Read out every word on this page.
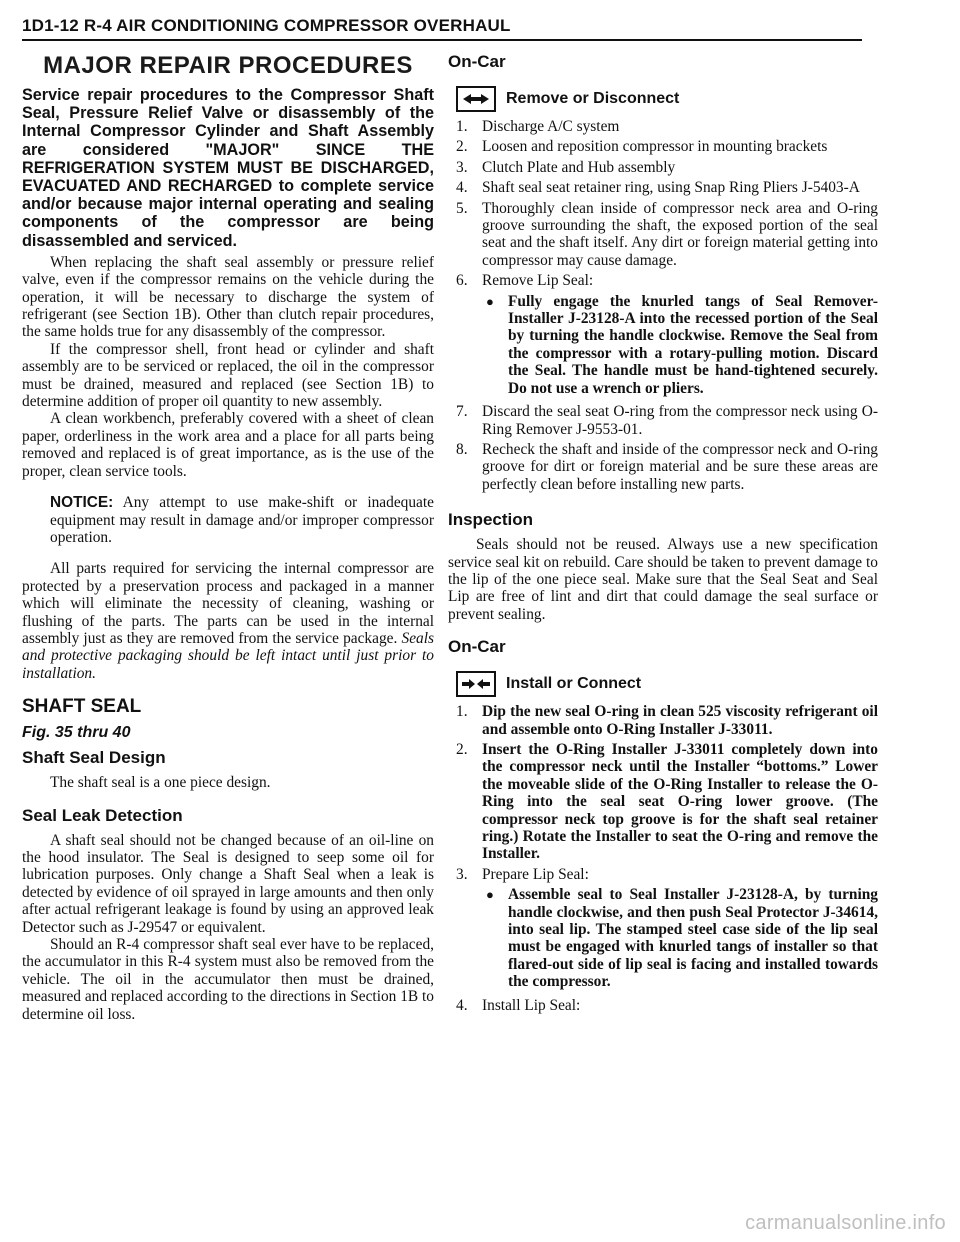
1D1-12 R-4 AIR CONDITIONING COMPRESSOR OVERHAUL
MAJOR REPAIR PROCEDURES
Service repair procedures to the Compressor Shaft Seal, Pressure Relief Valve or disassembly of the Internal Compressor Cylinder and Shaft Assembly are considered "MAJOR" SINCE THE REFRIGERATION SYSTEM MUST BE DISCHARGED, EVACUATED AND RECHARGED to complete service and/or because major internal operating and sealing components of the compressor are being disassembled and serviced.

When replacing the shaft seal assembly or pressure relief valve, even if the compressor remains on the vehicle during the operation, it will be necessary to discharge the system of refrigerant (see Section 1B). Other than clutch repair procedures, the same holds true for any disassembly of the compressor.

If the compressor shell, front head or cylinder and shaft assembly are to be serviced or replaced, the oil in the compressor must be drained, measured and replaced (see Section 1B) to determine addition of proper oil quantity to new assembly.

A clean workbench, preferably covered with a sheet of clean paper, orderliness in the work area and a place for all parts being removed and replaced is of great importance, as is the use of the proper, clean service tools.

NOTICE: Any attempt to use make-shift or inadequate equipment may result in damage and/or improper compressor operation.

All parts required for servicing the internal compressor are protected by a preservation process and packaged in a manner which will eliminate the necessity of cleaning, washing or flushing of the parts. The parts can be used in the internal assembly just as they are removed from the service package. Seals and protective packaging should be left intact until just prior to installation.

SHAFT SEAL
Fig. 35 thru 40
Shaft Seal Design

The shaft seal is a one piece design.

Seal Leak Detection

A shaft seal should not be changed because of an oil-line on the hood insulator. The Seal is designed to seep some oil for lubrication purposes. Only change a Shaft Seal when a leak is detected by evidence of oil sprayed in large amounts and then only after actual refrigerant leakage is found by using an approved leak Detector such as J-29547 or equivalent.

Should an R-4 compressor shaft seal ever have to be replaced, the accumulator in this R-4 system must also be removed from the vehicle. The oil in the accumulator then must be drained, measured and replaced according to the directions in Section 1B to determine oil loss.

On-Car
Remove or Disconnect
1. Discharge A/C system
2. Loosen and reposition compressor in mounting brackets
3. Clutch Plate and Hub assembly
4. Shaft seal seat retainer ring, using Snap Ring Pliers J-5403-A
5. Thoroughly clean inside of compressor neck area and O-ring groove surrounding the shaft, the exposed portion of the seal seat and the shaft itself. Any dirt or foreign material getting into compressor may cause damage.
6. Remove Lip Seal:
● Fully engage the knurled tangs of Seal Remover-Installer J-23128-A into the recessed portion of the Seal by turning the handle clockwise. Remove the Seal from the compressor with a rotary-pulling motion. Discard the Seal. The handle must be hand-tightened securely. Do not use a wrench or pliers.
7. Discard the seal seat O-ring from the compressor neck using O-Ring Remover J-9553-01.
8. Recheck the shaft and inside of the compressor neck and O-ring groove for dirt or foreign material and be sure these areas are perfectly clean before installing new parts.
Inspection

Seals should not be reused. Always use a new specification service seal kit on rebuild. Care should be taken to prevent damage to the lip of the one piece seal. Make sure that the Seal Seat and Seal Lip are free of lint and dirt that could damage the seal surface or prevent sealing.

On-Car
Install or Connect
1. Dip the new seal O-ring in clean 525 viscosity refrigerant oil and assemble onto O-Ring Installer J-33011.
2. Insert the O-Ring Installer J-33011 completely down into the compressor neck until the Installer “bottoms.” Lower the moveable slide of the O-Ring Installer to release the O-Ring into the seal seat O-ring lower groove. (The compressor neck top groove is for the shaft seal retainer ring.) Rotate the Installer to seat the O-ring and remove the Installer.
3. Prepare Lip Seal:
● Assemble seal to Seal Installer J-23128-A, by turning handle clockwise, and then push Seal Protector J-34614, into seal lip. The stamped steel case side of the lip seal must be engaged with knurled tangs of installer so that flared-out side of lip seal is facing and installed towards the compressor.
4. Install Lip Seal:
carmanualsonline.info
